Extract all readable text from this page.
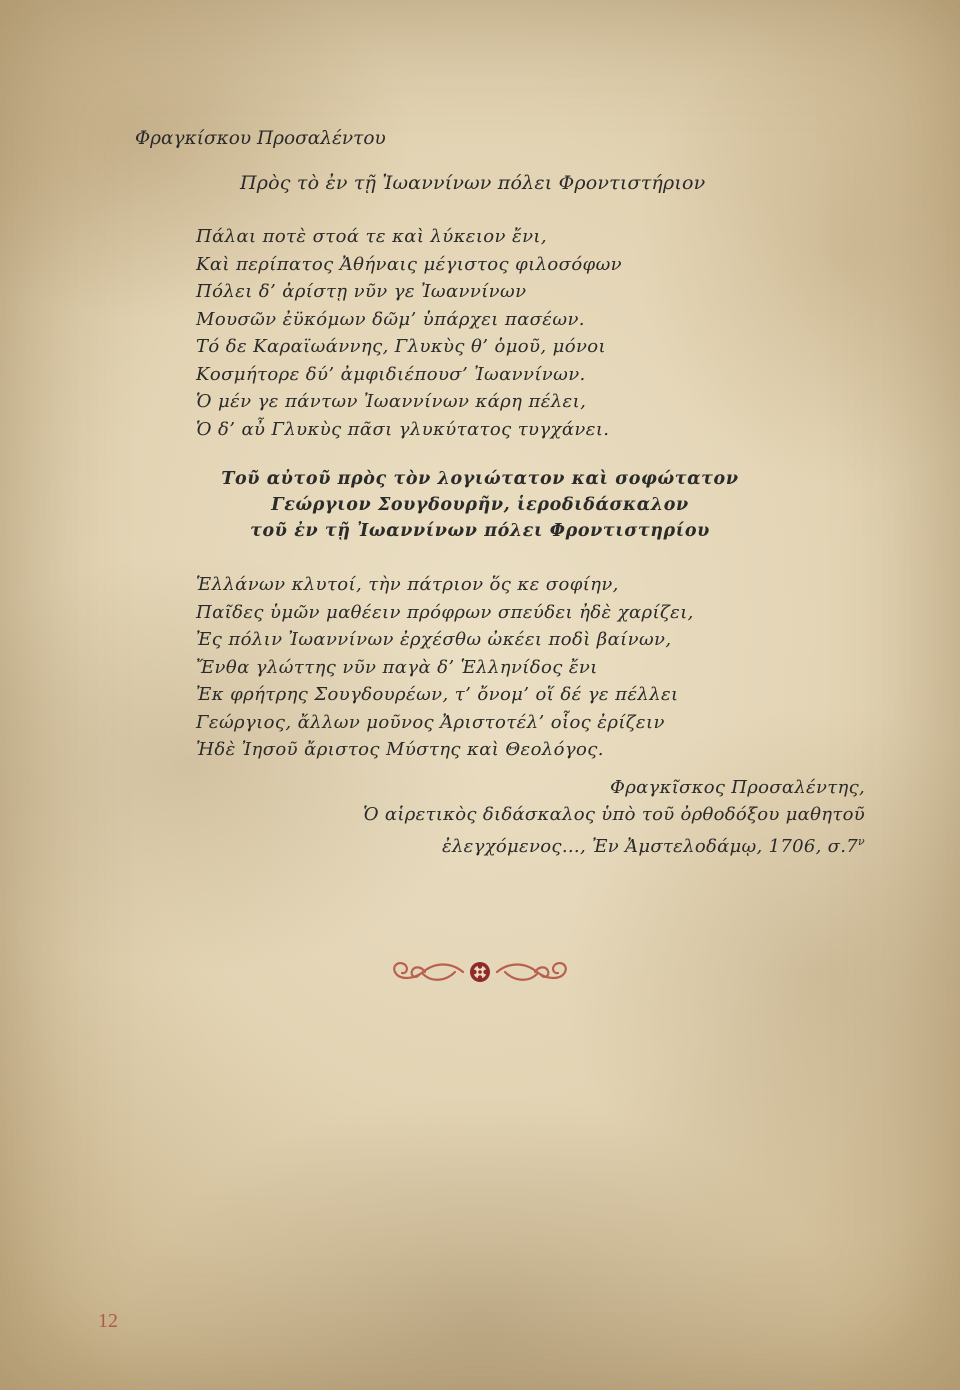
Φραγκίσκου Προσαλέντου
Πρὸς τὸ ἐν τῇ Ἰωαννίνων πόλει Φροντιστήριον
Πάλαι ποτὲ στοά τε καὶ λύκειον ἔνι,
Καὶ περίπατος Ἀθήναις μέγιστος φιλοσόφων
Πόλει δ’ ἀρίστῃ νῦν γε Ἰωαννίνων
Μουσῶν ἐϋκόμων δῶμ’ ὑπάρχει πασέων.
Τό δε Καραϊωάννης, Γλυκὺς θ’ ὁμοῦ, μόνοι
Κοσμήτορε δύ’ ἀμφιδιέπουσ’ Ἰωαννίνων.
Ὁ μέν γε πάντων Ἰωαννίνων κάρη πέλει,
Ὁ δ’ αὖ Γλυκὺς πᾶσι γλυκύτατος τυγχάνει.
Τοῦ αὐτοῦ πρὸς τὸν λογιώτατον καὶ σοφώτατον
Γεώργιον Σουγδουρῆν, ἱεροδιδάσκαλον
τοῦ ἐν τῇ Ἰωαννίνων πόλει Φροντιστηρίου
Ἑλλάνων κλυτοί, τὴν πάτριον ὅς κε σοφίην,
Παῖδες ὑμῶν μαθέειν πρόφρων σπεύδει ἠδὲ χαρίζει,
Ἐς πόλιν Ἰωαννίνων ἐρχέσθω ὠκέει ποδὶ βαίνων,
Ἔνθα γλώττης νῦν παγὰ δ’ Ἑλληνίδος ἔνι
Ἐκ φρήτρης Σουγδουρέων, τ’ ὄνομ’ οἵ δέ γε πέλλει
Γεώργιος, ἄλλων μοῦνος Ἀριστοτέλ’ οἷος ἐρίζειν
Ἠδὲ Ἰησοῦ ἄριστος Μύστης καὶ Θεολόγος.
Φραγκῖσκος Προσαλέντης,
Ὁ αἱρετικὸς διδάσκαλος ὑπὸ τοῦ ὀρθοδόξου μαθητοῦ
ἐλεγχόμενος…, Ἐν Ἀμστελοδάμῳ, 1706, $\sigma.7^\nu$
12
